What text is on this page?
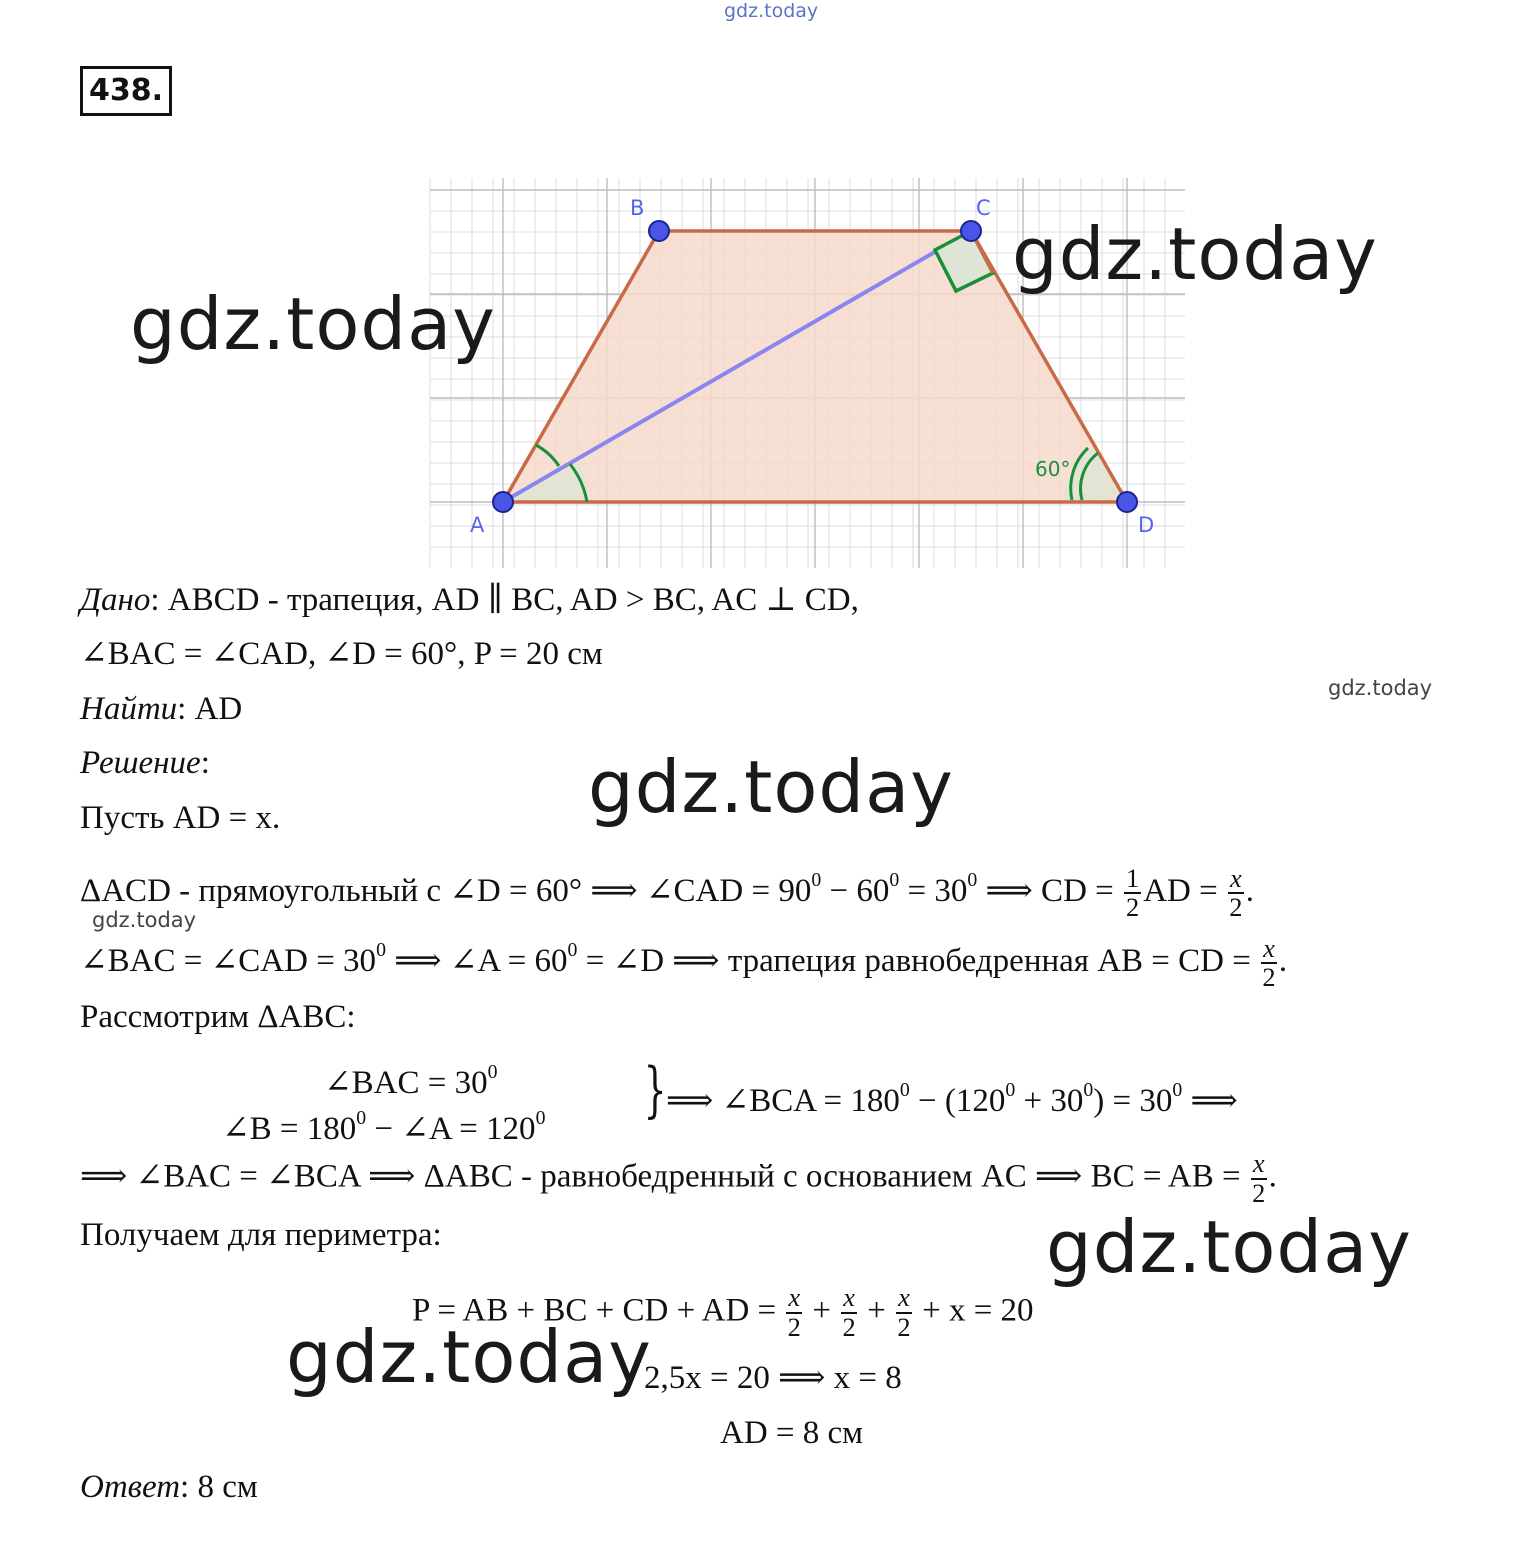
gdz.today
438.
A
B	C
D
60°
gdz.today
gdz.today
gdz.today
gdz.today
gdz.today
gdz.today
gdz.today
Дано: ABCD - трапеция, AD ∥ BC, AD > BC, AC ⊥ CD,
∠BAC = ∠CAD, ∠D = 60°, P = 20 см
Найти: AD
Решение:
Пусть AD = x.
ΔACD - прямоугольный с ∠D = 60° ⟹ ∠CAD = $90^0 - 60^0 = 30^0$ ⟹ CD = $\frac{1}{2}$ AD = $\frac{x}{2}$ .
∠BAC = ∠CAD = $30^0$ ⟹ ∠A = $60^0$ = ∠D ⟹ трапеция равнобедренная AB = CD = $\frac{x}{2}$ .
Рассмотрим ΔABC:
∠BAC = $30^0$
∠B = $180^0$ − ∠A = $120^0$ } ⟹ ∠BCA = $180^0 - (120^0 + 30^0) = 30^0$ ⟹
⟹ ∠BAC = ∠BCA ⟹ ΔABC - равнобедренный с основанием AC ⟹ BC = AB = $\frac{x}{2}$ .
Получаем для периметра:
P = AB + BC + CD + AD = $\frac{x}{2} + \frac{x}{2} + \frac{x}{2} + x = 20$
2,5x = 20 ⟹ x = 8
AD = 8 см
Ответ: 8 см
